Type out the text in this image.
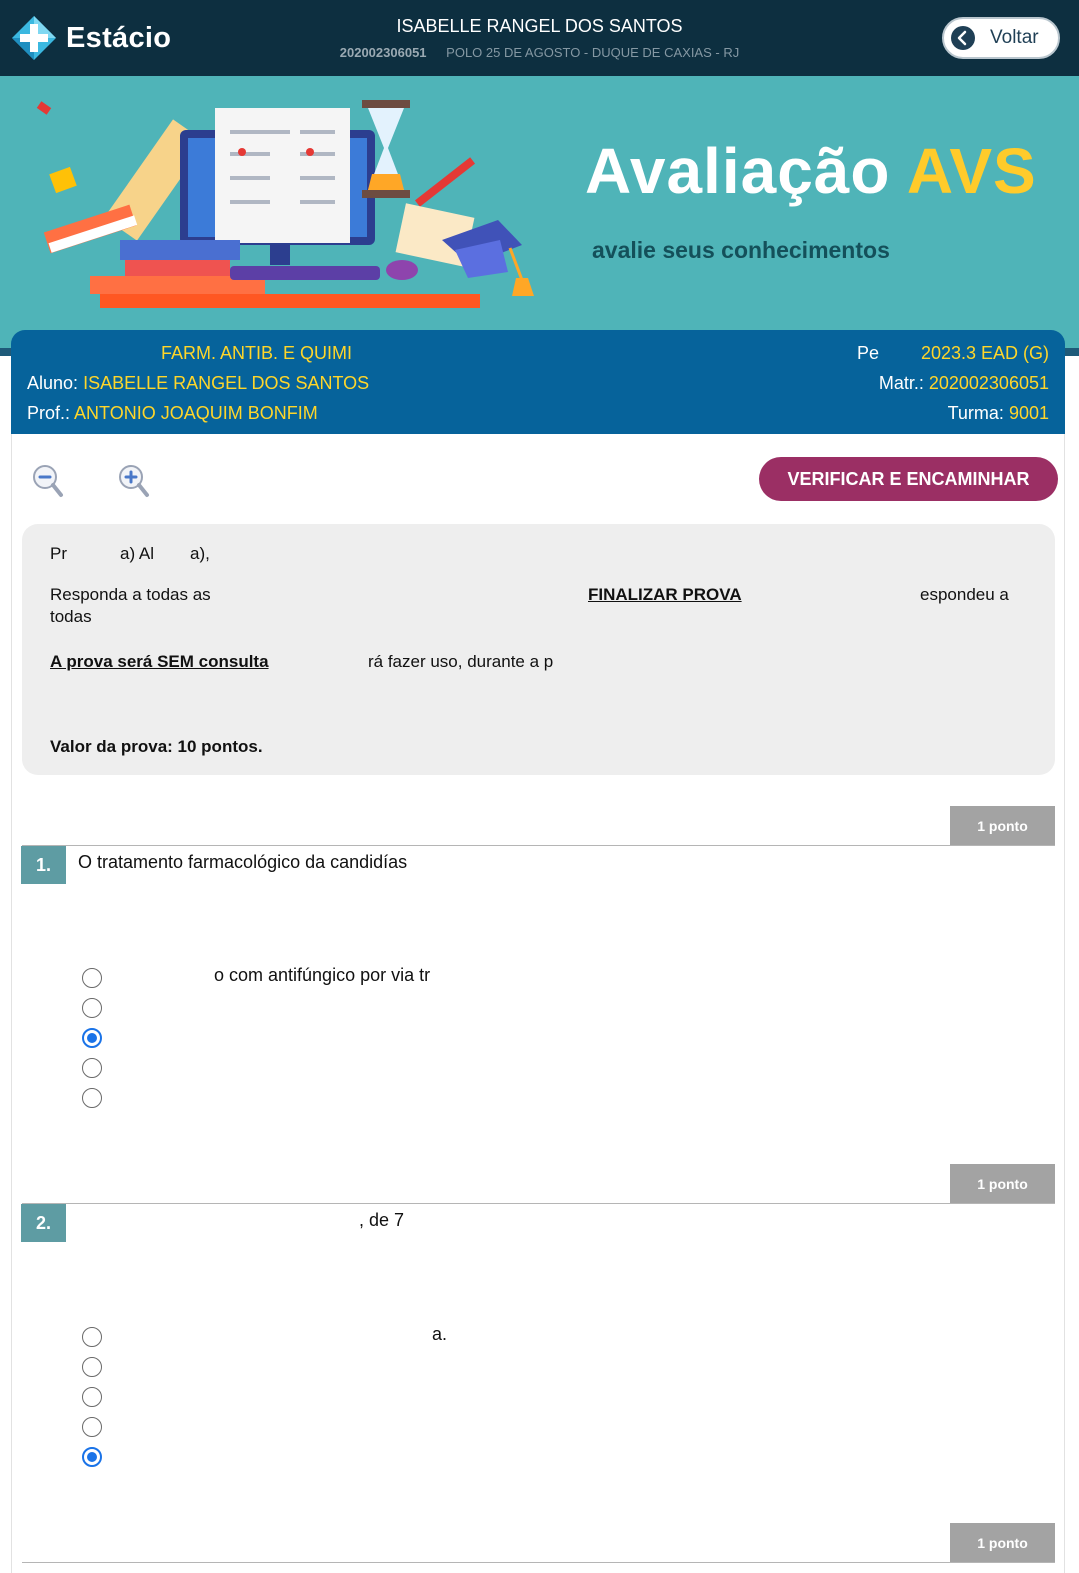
Estácio	ISABELLE RANGEL DOS SANTOS
202002306051 POLO 25 DE AGOSTO - DUQUE DE CAXIAS - RJ
Voltar
Avaliação AVS
avalie seus conhecimentos
FARM. ANTIB. E QUIMI
Aluno: ISABELLE RANGEL DOS SANTOS
Prof.: ANTONIO JOAQUIM BONFIM
Pe 2023.3 EAD (G)
Matr.: 202002306051
Turma: 9001
VERIFICAR E ENCAMINHAR
Pr	a) Al a),
Responda a todas as	FINALIZAR PROVA	espondeu a
todas
A prova será SEM consulta	rá fazer uso, durante a p
Valor da prova: 10 pontos.
1 ponto
1.	O tratamento farmacológico da candidías
o com antifúngico por via tr
1 ponto
2.	, de 7
a.
1 ponto
